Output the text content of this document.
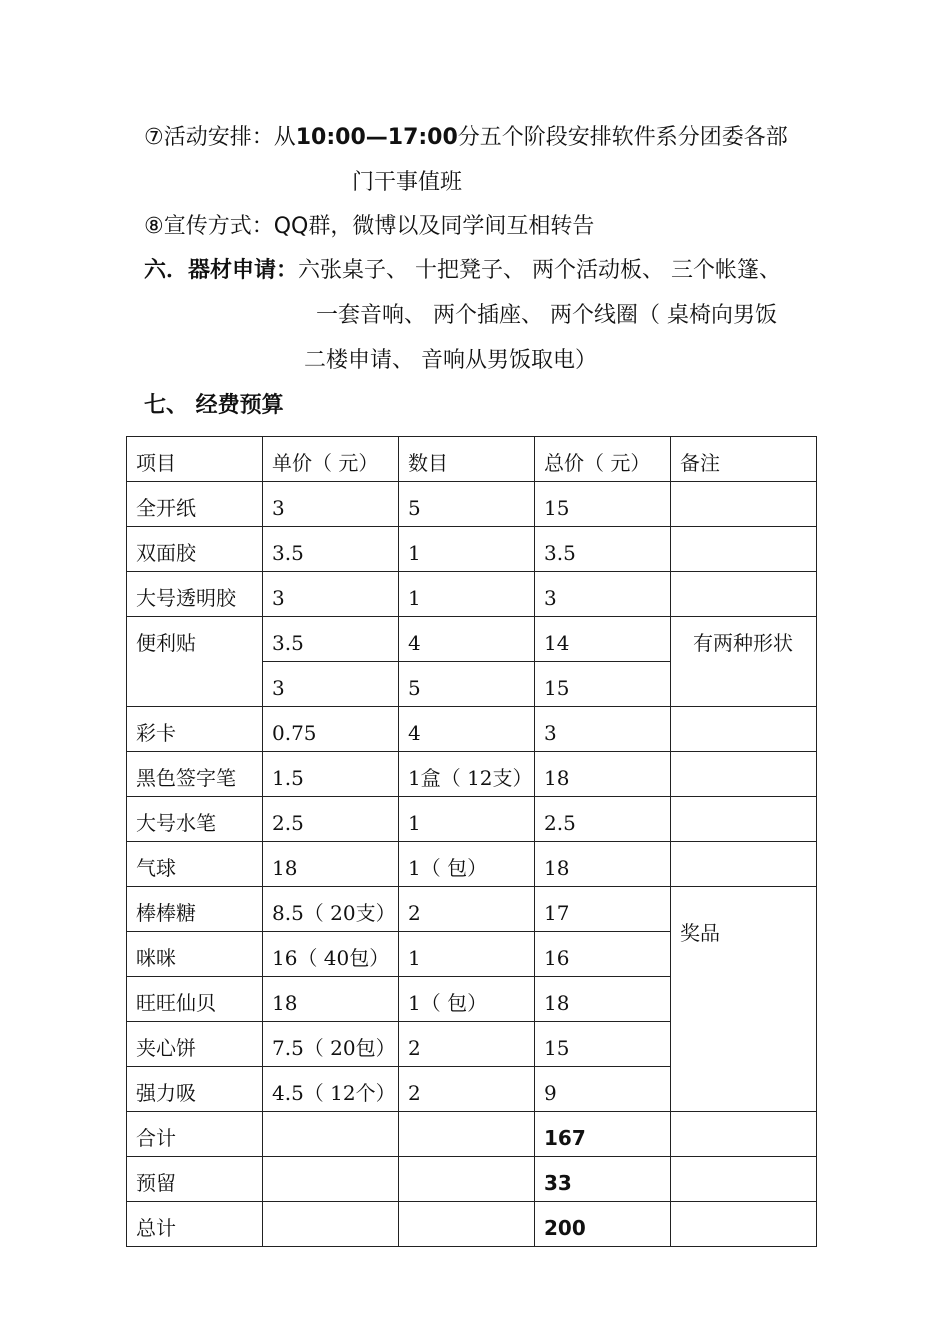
⑦活动安排：从10:00—17:00分五个阶段安排软件系分团委各部
门干事值班
⑧宣传方式：QQ群，微博以及同学间互相转告
六．器材申请：六张桌子、 十把凳子、 两个活动板、 三个帐篷、
一套音响、 两个插座、 两个线圈（ 桌椅向男饭
二楼申请、 音响从男饭取电）
七、 经费预算
项目	单价（ 元）	数目	总价（ 元）	备注
全开纸	3	5	15	
双面胶	3.5	1	3.5	
大号透明胶	3	1	3	
便利贴	3.5	4	14	有两种形状
	3	5	15	
彩卡	0.75	4	3	
黑色签字笔	1.5	1盒（ 12支）	18	
大号水笔	2.5	1	2.5	
气球	18	1（ 包）	18	
棒棒糖	8.5（ 20支）	2	17	奖品
咪咪	16（ 40包）	1	16	
旺旺仙贝	18	1（ 包）	18	
夹心饼	7.5（ 20包）	2	15	
强力吸	4.5（ 12个）	2	9	
合计			167	
预留			33	
总计			200	
